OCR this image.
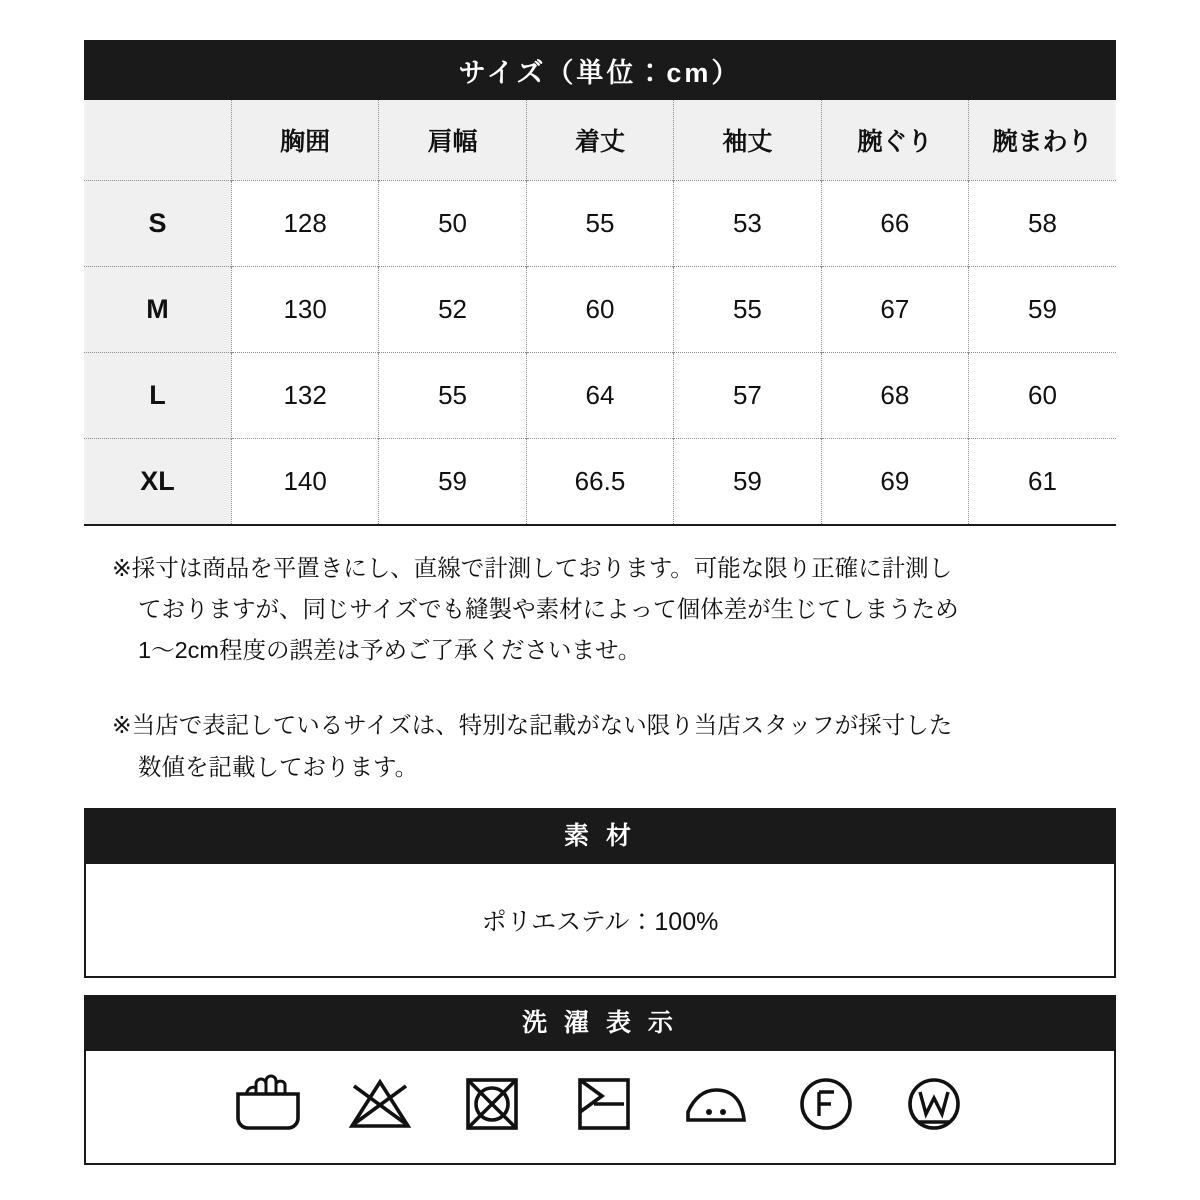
サイズ（単位：cm）						
	胸囲	肩幅	着丈	袖丈	腕ぐり	腕まわり
S	128	50	55	53	66	58
M	130	52	60	55	67	59
L	132	55	64	57	68	60
XL	140	59	66.5	59	69	61

※採寸は商品を平置きにし、直線で計測しております。可能な限り正確に計測し
ておりますが、同じサイズでも縫製や素材によって個体差が生じてしまうため
1〜2cm程度の誤差は予めご了承くださいませ。

※当店で表記しているサイズは、特別な記載がない限り当店スタッフが採寸した
数値を記載しております。

素 材
ポリエステル：100%
洗 濯 表 示
